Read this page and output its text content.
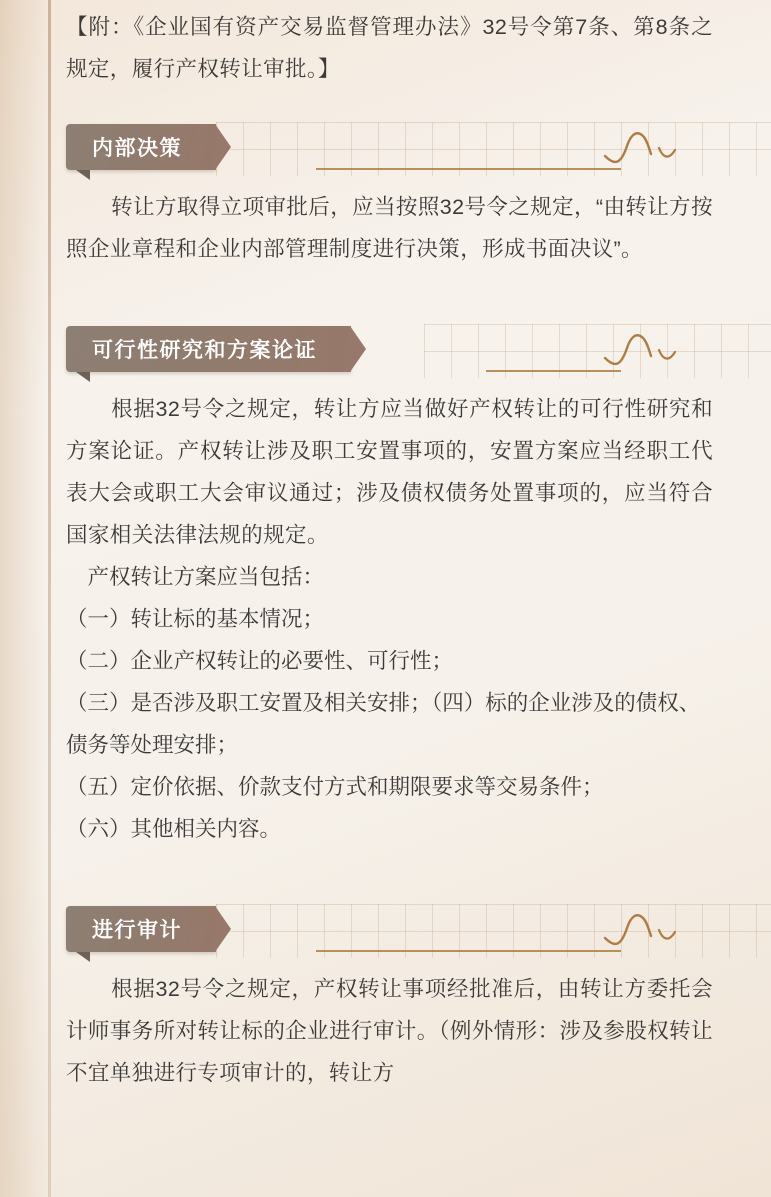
【附：《企业国有资产交易监督管理办法》32号令第7条、第8条之规定，履行产权转让审批。】

内部决策

转让方取得立项审批后，应当按照32号令之规定，“由转让方按照企业章程和企业内部管理制度进行决策，形成书面决议”。

可行性研究和方案论证

根据32号令之规定，转让方应当做好产权转让的可行性研究和方案论证。产权转让涉及职工安置事项的，安置方案应当经职工代表大会或职工大会审议通过；涉及债权债务处置事项的，应当符合国家相关法律法规的规定。

产权转让方案应当包括：

（一）转让标的基本情况；

（二）企业产权转让的必要性、可行性；

（三）是否涉及职工安置及相关安排；（四）标的企业涉及的债权、债务等处理安排；

（五）定价依据、价款支付方式和期限要求等交易条件；

（六）其他相关内容。

进行审计

根据32号令之规定，产权转让事项经批准后，由转让方委托会计师事务所对转让标的企业进行审计。（例外情形：涉及参股权转让不宜单独进行专项审计的，转让方
